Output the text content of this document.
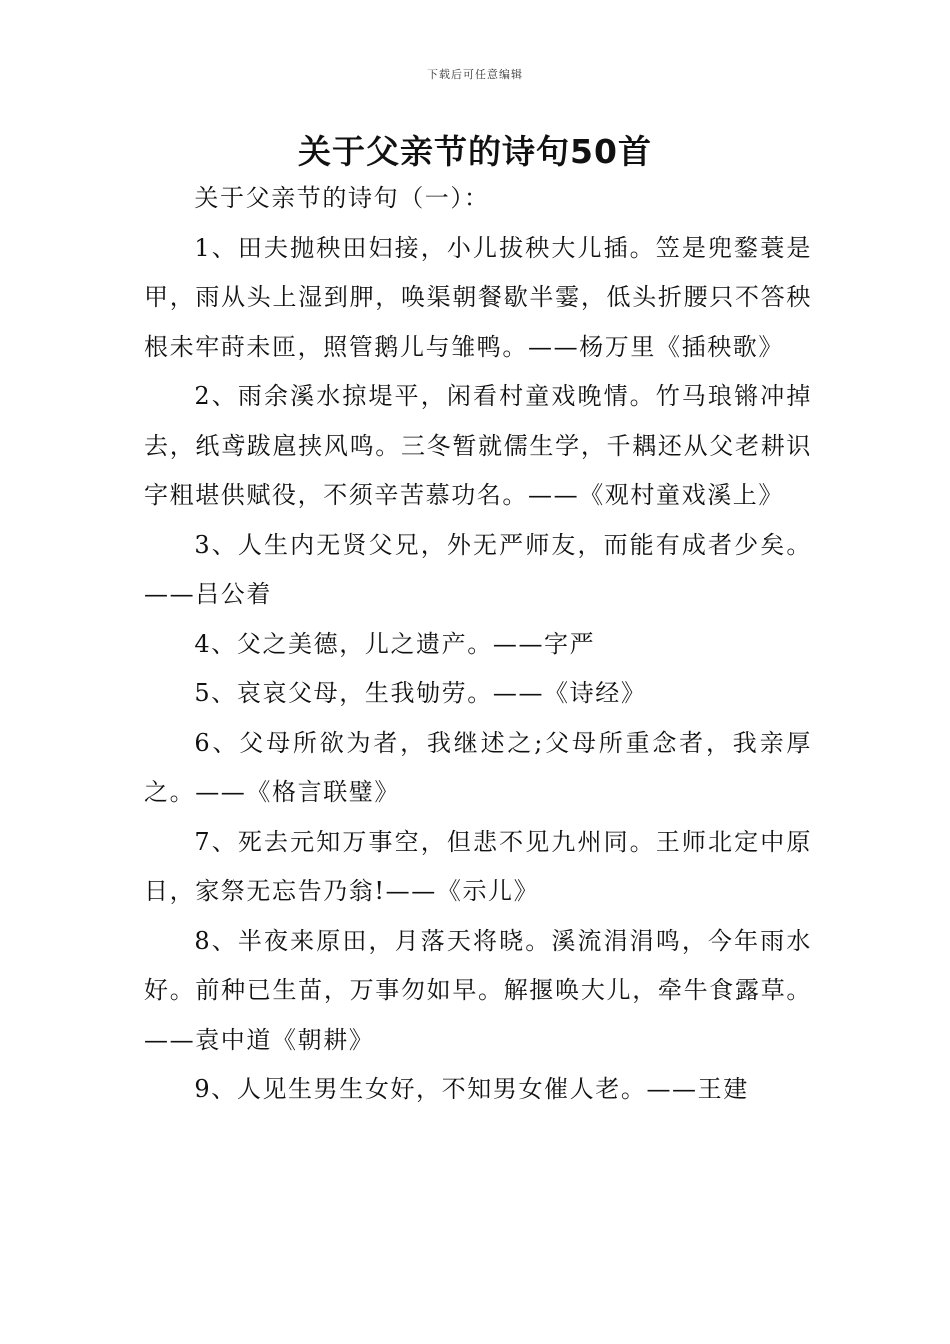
下载后可任意编辑
关于父亲节的诗句50首

关于父亲节的诗句（一）：

1、田夫抛秧田妇接，小儿拔秧大儿插。笠是兜鍪蓑是甲，雨从头上湿到胛，唤渠朝餐歇半霎，低头折腰只不答秧根未牢莳未匝，照管鹅儿与雏鸭。——杨万里《插秧歌》

2、雨余溪水掠堤平，闲看村童戏晚情。竹马琅锵冲掉去，纸鸢跋扈挟风鸣。三冬暂就儒生学，千耦还从父老耕识字粗堪供赋役，不须辛苦慕功名。——《观村童戏溪上》

3、人生内无贤父兄，外无严师友，而能有成者少矣。——吕公着

4、父之美德，儿之遗产。——字严

5、哀哀父母，生我劬劳。——《诗经》

6、父母所欲为者，我继述之;父母所重念者，我亲厚之。——《格言联璧》

7、死去元知万事空，但悲不见九州同。王师北定中原日，家祭无忘告乃翁!——《示儿》

8、半夜来原田，月落天将晓。溪流涓涓鸣，今年雨水好。前种已生苗，万事勿如早。解揠唤大儿，牵牛食露草。——袁中道《朝耕》

9、人见生男生女好，不知男女催人老。——王建
